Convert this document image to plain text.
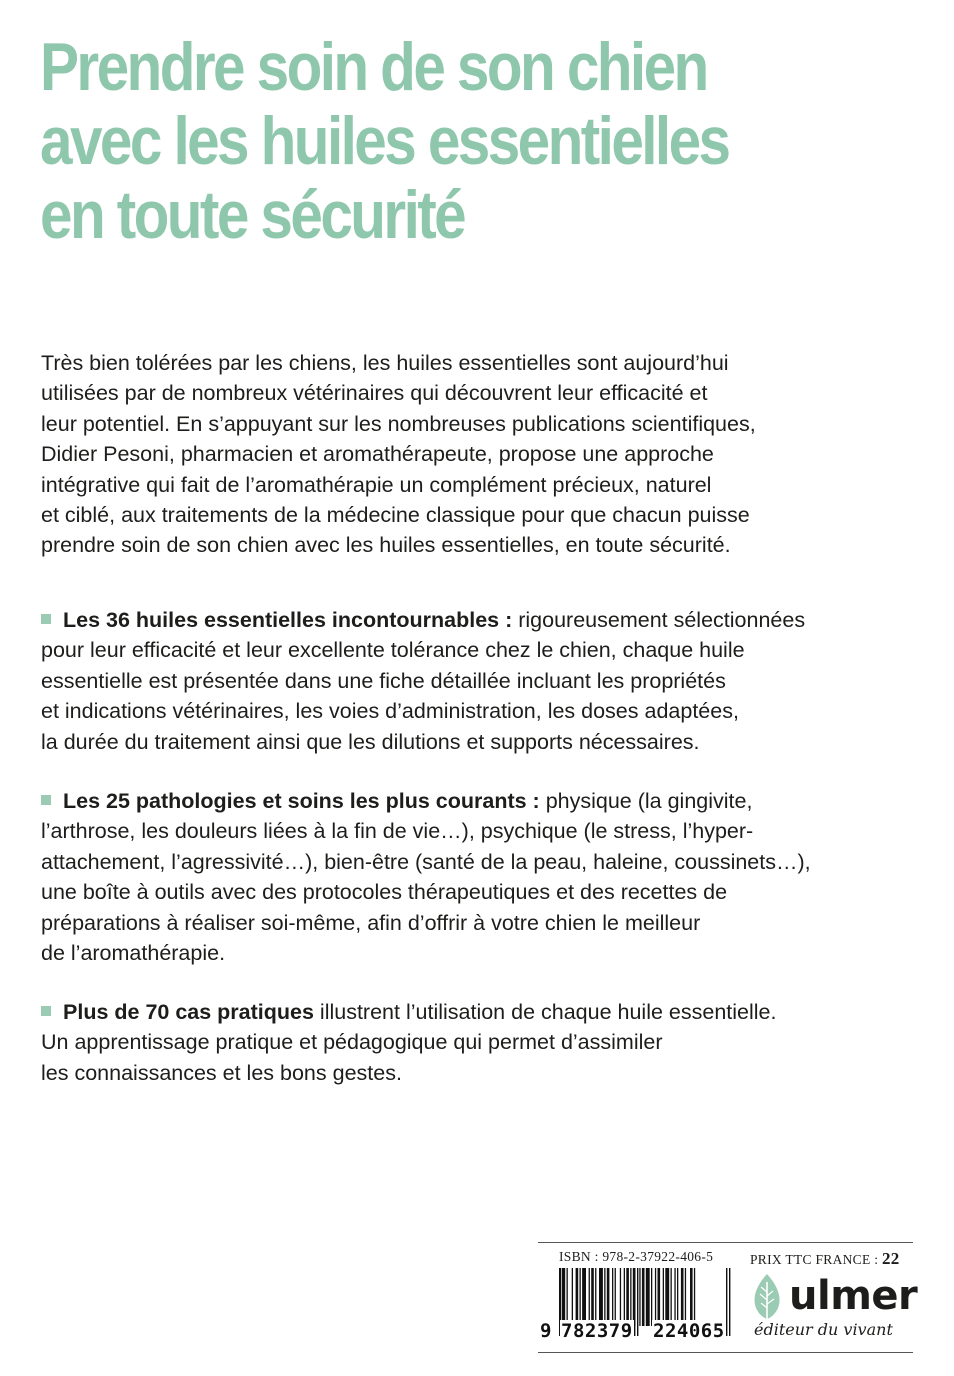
Prendre soin de son chien
avec les huiles essentielles
en toute sécurité
Très bien tolérées par les chiens, les huiles essentielles sont aujourd’hui
utilisées par de nombreux vétérinaires qui découvrent leur efficacité et
leur potentiel. En s’appuyant sur les nombreuses publications scientifiques,
Didier Pesoni, pharmacien et aromathérapeute, propose une approche
intégrative qui fait de l’aromathérapie un complément précieux, naturel
et ciblé, aux traitements de la médecine classique pour que chacun puisse
prendre soin de son chien avec les huiles essentielles, en toute sécurité.
Les 36 huiles essentielles incontournables : rigoureusement sélectionnées
pour leur efficacité et leur excellente tolérance chez le chien, chaque huile
essentielle est présentée dans une fiche détaillée incluant les propriétés
et indications vétérinaires, les voies d’administration, les doses adaptées,
la durée du traitement ainsi que les dilutions et supports nécessaires.
Les 25 pathologies et soins les plus courants : physique (la gingivite,
l’arthrose, les douleurs liées à la fin de vie…), psychique (le stress, l’hyper-
attachement, l’agressivité…), bien-être (santé de la peau, haleine, coussinets…),
une boîte à outils avec des protocoles thérapeutiques et des recettes de
préparations à réaliser soi-même, afin d’offrir à votre chien le meilleur
de l’aromathérapie.
Plus de 70 cas pratiques illustrent l’utilisation de chaque huile essentielle.
Un apprentissage pratique et pédagogique qui permet d’assimiler
les connaissances et les bons gestes.
ISBN : 978-2-37922-406-5	PRIX TTC FRANCE : 22
9 782379 224065
ulmer
éditeur du vivant
